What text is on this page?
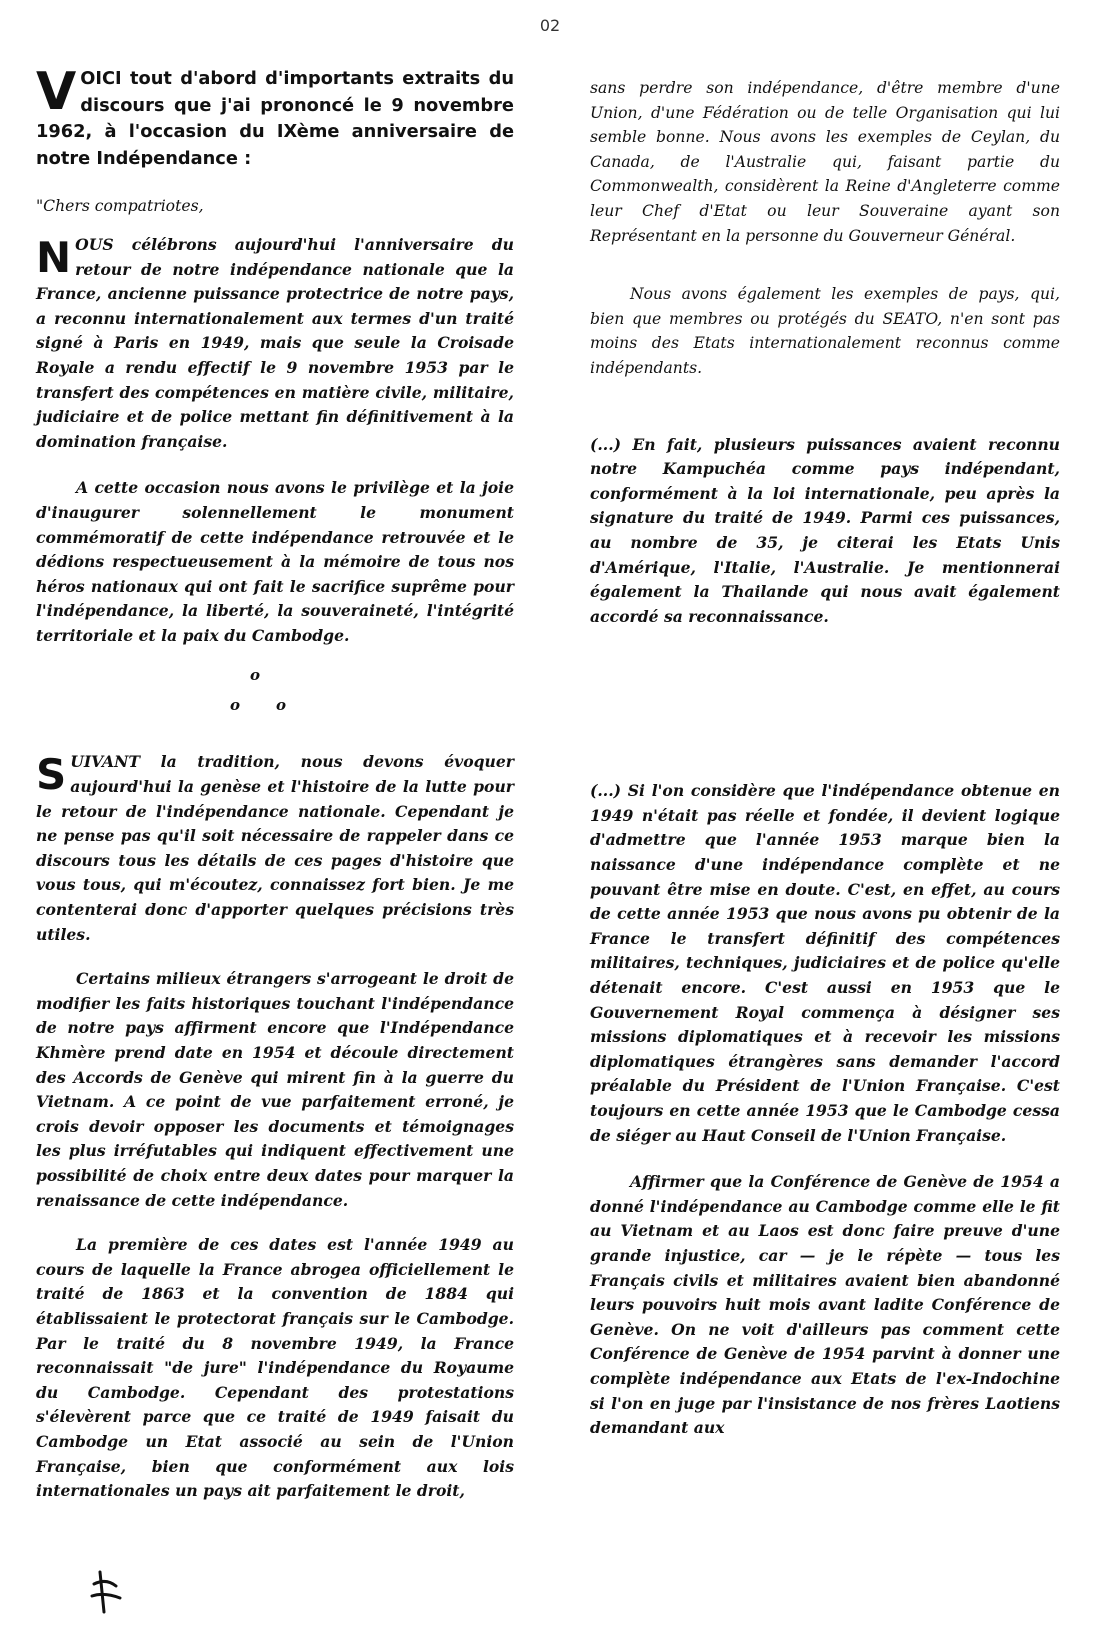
02

V OICI tout d'abord d'importants extraits du discours que j'ai prononcé le 9 novembre 1962, à l'occasion du IXème anniversaire de notre Indépendance :

"Chers compatriotes,

N OUS célébrons aujourd'hui l'anniversaire du retour de notre indépendance nationale que la France, ancienne puissance protectrice de notre pays, a reconnu internationalement aux termes d'un traité signé à Paris en 1949, mais que seule la Croisade Royale a rendu effectif le 9 novembre 1953 par le transfert des compétences en matière civile, militaire, judiciaire et de police mettant fin définitivement à la domination française.

A cette occasion nous avons le privilège et la joie d'inaugurer solennellement le monument commémoratif de cette indépendance retrouvée et le dédions respectueusement à la mémoire de tous nos héros nationaux qui ont fait le sacrifice suprême pour l'indépendance, la liberté, la souveraineté, l'intégrité territoriale et la paix du Cambodge.

o
o o

S UIVANT la tradition, nous devons évoquer aujourd'hui la genèse et l'histoire de la lutte pour le retour de l'indépendance nationale. Cependant je ne pense pas qu'il soit nécessaire de rappeler dans ce discours tous les détails de ces pages d'histoire que vous tous, qui m'écoutez, connaissez fort bien. Je me contenterai donc d'apporter quelques précisions très utiles.

Certains milieux étrangers s'arrogeant le droit de modifier les faits historiques touchant l'indépendance de notre pays affirment encore que l'Indépendance Khmère prend date en 1954 et découle directement des Accords de Genève qui mirent fin à la guerre du Vietnam. A ce point de vue parfaitement erroné, je crois devoir opposer les documents et témoignages les plus irréfutables qui indiquent effectivement une possibilité de choix entre deux dates pour marquer la renaissance de cette indépendance.

La première de ces dates est l'année 1949 au cours de laquelle la France abrogea officiellement le traité de 1863 et la convention de 1884 qui établissaient le protectorat français sur le Cambodge. Par le traité du 8 novembre 1949, la France reconnaissait "de jure" l'indépendance du Royaume du Cambodge. Cependant des protestations s'élevèrent parce que ce traité de 1949 faisait du Cambodge un Etat associé au sein de l'Union Française, bien que conformément aux lois internationales un pays ait parfaitement le droit,

sans perdre son indépendance, d'être membre d'une Union, d'une Fédération ou de telle Organisation qui lui semble bonne. Nous avons les exemples de Ceylan, du Canada, de l'Australie qui, faisant partie du Commonwealth, considèrent la Reine d'Angleterre comme leur Chef d'Etat ou leur Souveraine ayant son Représentant en la personne du Gouverneur Général.

Nous avons également les exemples de pays, qui, bien que membres ou protégés du SEATO, n'en sont pas moins des Etats internationalement reconnus comme indépendants.

(...) En fait, plusieurs puissances avaient reconnu notre Kampuchéa comme pays indépendant, conformément à la loi internationale, peu après la signature du traité de 1949. Parmi ces puissances, au nombre de 35, je citerai les Etats Unis d'Amérique, l'Italie, l'Australie. Je mentionnerai également la Thailande qui nous avait également accordé sa reconnaissance.

(...) Si l'on considère que l'indépendance obtenue en 1949 n'était pas réelle et fondée, il devient logique d'admettre que l'année 1953 marque bien la naissance d'une indépendance complète et ne pouvant être mise en doute. C'est, en effet, au cours de cette année 1953 que nous avons pu obtenir de la France le transfert définitif des compétences militaires, techniques, judiciaires et de police qu'elle détenait encore. C'est aussi en 1953 que le Gouvernement Royal commença à désigner ses missions diplomatiques et à recevoir les missions diplomatiques étrangères sans demander l'accord préalable du Président de l'Union Française. C'est toujours en cette année 1953 que le Cambodge cessa de siéger au Haut Conseil de l'Union Française.

Affirmer que la Conférence de Genève de 1954 a donné l'indépendance au Cambodge comme elle le fit au Vietnam et au Laos est donc faire preuve d'une grande injustice, car — je le répète — tous les Français civils et militaires avaient bien abandonné leurs pouvoirs huit mois avant ladite Conférence de Genève. On ne voit d'ailleurs pas comment cette Conférence de Genève de 1954 parvint à donner une complète indépendance aux Etats de l'ex-Indochine si l'on en juge par l'insistance de nos frères Laotiens demandant aux
